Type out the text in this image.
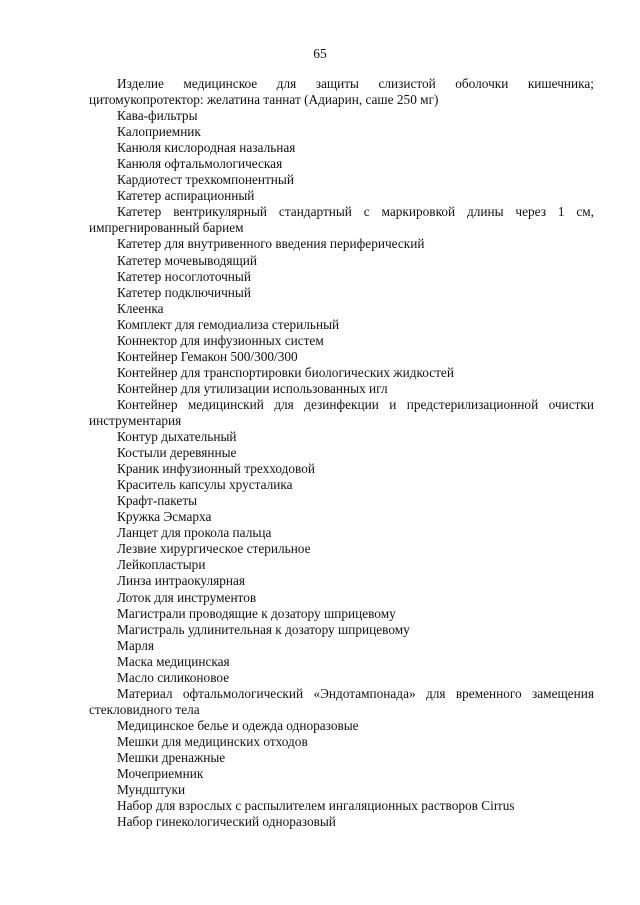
65

Изделие медицинское для защиты слизистой оболочки кишечника; цитомукопротектор: желатина таннат (Адиарин, саше 250 мг)

Кава-фильтры

Калоприемник

Канюля кислородная назальная

Канюля офтальмологическая

Кардиотест трехкомпонентный

Катетер аспирационный

Катетер вентрикулярный стандартный с маркировкой длины через 1 см, импрегнированный барием

Катетер для внутривенного введения периферический

Катетер мочевыводящий

Катетер носоглоточный

Катетер подключичный

Клеенка

Комплект для гемодиализа стерильный

Коннектор для инфузионных систем

Контейнер Гемакон 500/300/300

Контейнер для транспортировки биологических жидкостей

Контейнер для утилизации использованных игл

Контейнер медицинский для дезинфекции и предстерилизационной очистки инструментария

Контур дыхательный

Костыли деревянные

Краник инфузионный трехходовой

Краситель капсулы хрусталика

Крафт-пакеты

Кружка Эсмарха

Ланцет для прокола пальца

Лезвие хирургическое стерильное

Лейкопластыри

Линза интраокулярная

Лоток для инструментов

Магистрали проводящие к дозатору шприцевому

Магистраль удлинительная к дозатору шприцевому

Марля

Маска медицинская

Масло силиконовое

Материал офтальмологический «Эндотампонада» для временного замещения стекловидного тела

Медицинское белье и одежда одноразовые

Мешки для медицинских отходов

Мешки дренажные

Мочеприемник

Мундштуки

Набор для взрослых с распылителем ингаляционных растворов Cirrus

Набор гинекологический одноразовый
